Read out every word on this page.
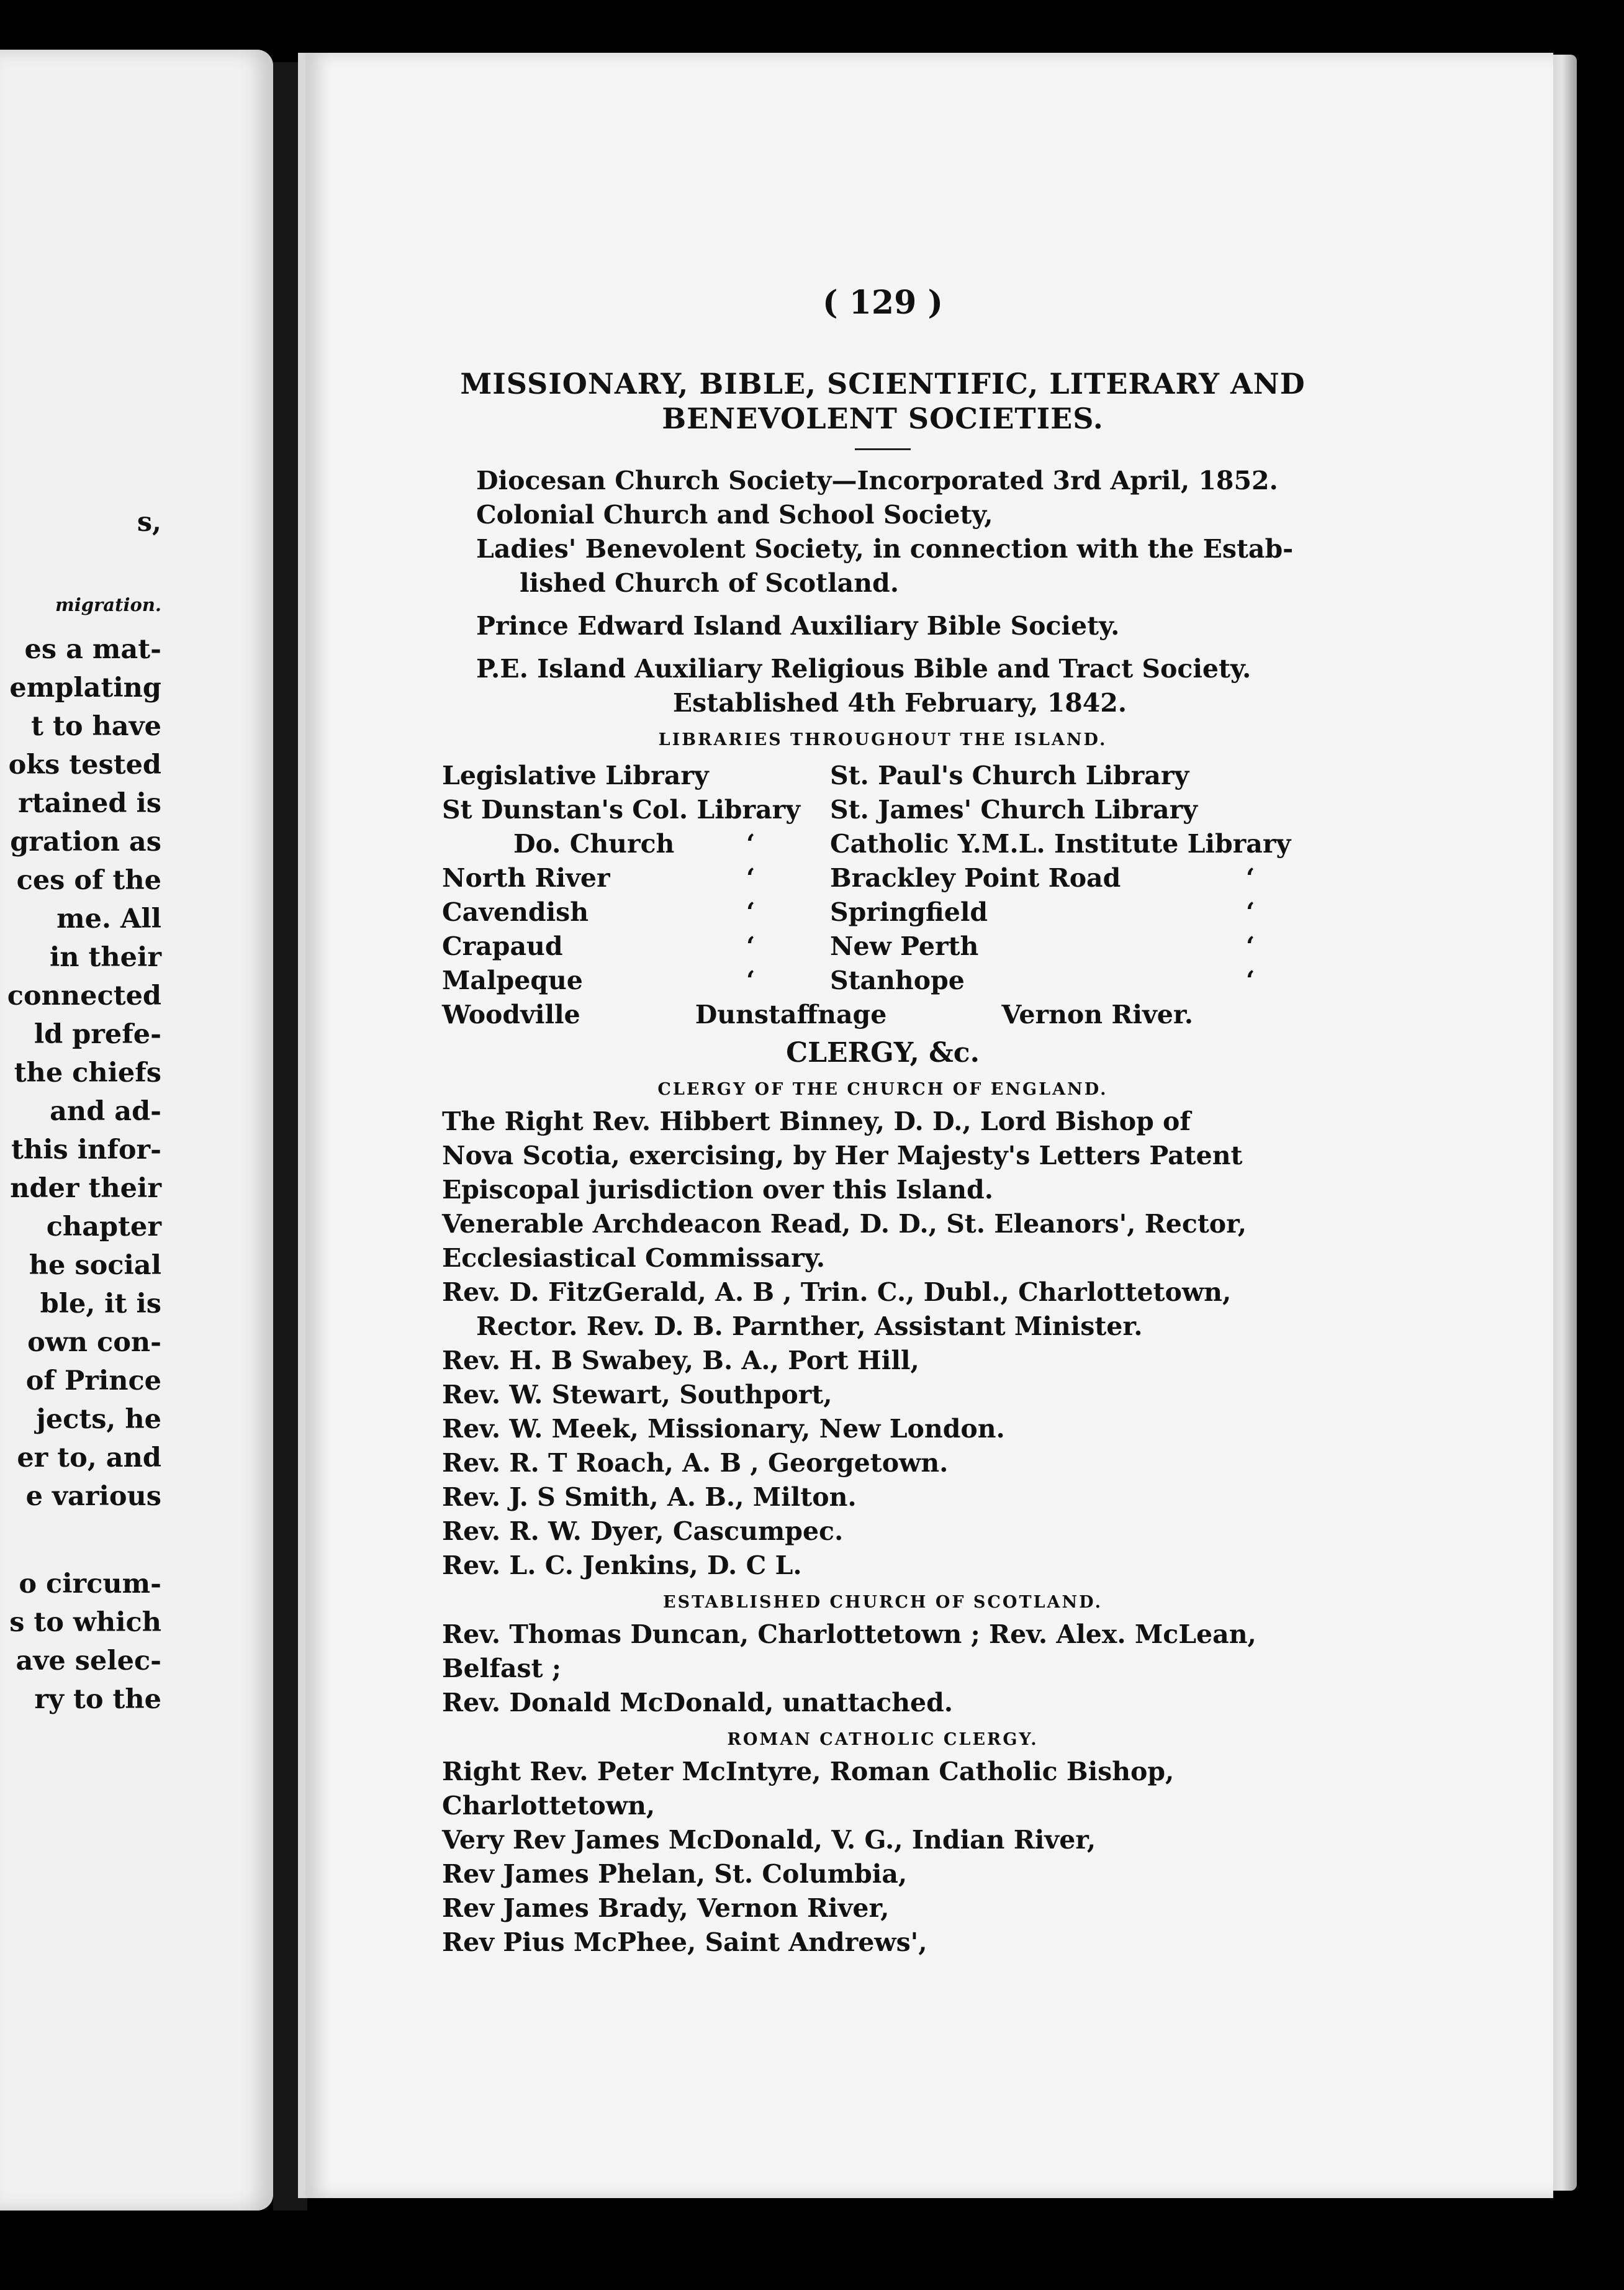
s,

migration.

es a mat-

emplating

t to have

oks tested

rtained is

gration as

ces of the

me. All

in their

connected

ld prefe-

the chiefs

and ad-

this infor-

nder their

chapter

he social

ble, it is

own con-

of Prince

jects, he

er to, and

e various

o circum-

s to which

ave selec-

ry to the

( 129 )
MISSIONARY, BIBLE, SCIENTIFIC, LITERARY AND
BENEVOLENT SOCIETIES.
Diocesan Church Society—Incorporated 3rd April, 1852.
Colonial Church and School Society,
Ladies' Benevolent Society, in connection with the Estab-
lished Church of Scotland.
Prince Edward Island Auxiliary Bible Society.
P.E. Island Auxiliary Religious Bible and Tract Society.
Established 4th February, 1842.
LIBRARIES THROUGHOUT THE ISLAND.
Legislative Library	St. Paul's Church Library
St Dunstan's Col. Library	St. James' Church Library
Do. Church	‘	Catholic Y.M.L. Institute Library
North River	‘	Brackley Point Road	‘
Cavendish	‘	Springfield	‘
Crapaud	‘	New Perth	‘
Malpeque	‘	Stanhope	‘
Woodville	Dunstaffnage	Vernon River.
CLERGY, &c.
CLERGY OF THE CHURCH OF ENGLAND.
The Right Rev. Hibbert Binney, D. D., Lord Bishop of
Nova Scotia, exercising, by Her Majesty's Letters Patent
Episcopal jurisdiction over this Island.
Venerable Archdeacon Read, D. D., St. Eleanors', Rector,
Ecclesiastical Commissary.
Rev. D. FitzGerald, A. B , Trin. C., Dubl., Charlottetown,
Rector. Rev. D. B. Parnther, Assistant Minister.
Rev. H. B Swabey, B. A., Port Hill,
Rev. W. Stewart, Southport,
Rev. W. Meek, Missionary, New London.
Rev. R. T Roach, A. B , Georgetown.
Rev. J. S Smith, A. B., Milton.
Rev. R. W. Dyer, Cascumpec.
Rev. L. C. Jenkins, D. C L.
ESTABLISHED CHURCH OF SCOTLAND.
Rev. Thomas Duncan, Charlottetown ; Rev. Alex. McLean,
Belfast ;
Rev. Donald McDonald, unattached.
ROMAN CATHOLIC CLERGY.
Right Rev. Peter McIntyre, Roman Catholic Bishop,
Charlottetown,
Very Rev James McDonald, V. G., Indian River,
Rev James Phelan, St. Columbia,
Rev James Brady, Vernon River,
Rev Pius McPhee, Saint Andrews',
